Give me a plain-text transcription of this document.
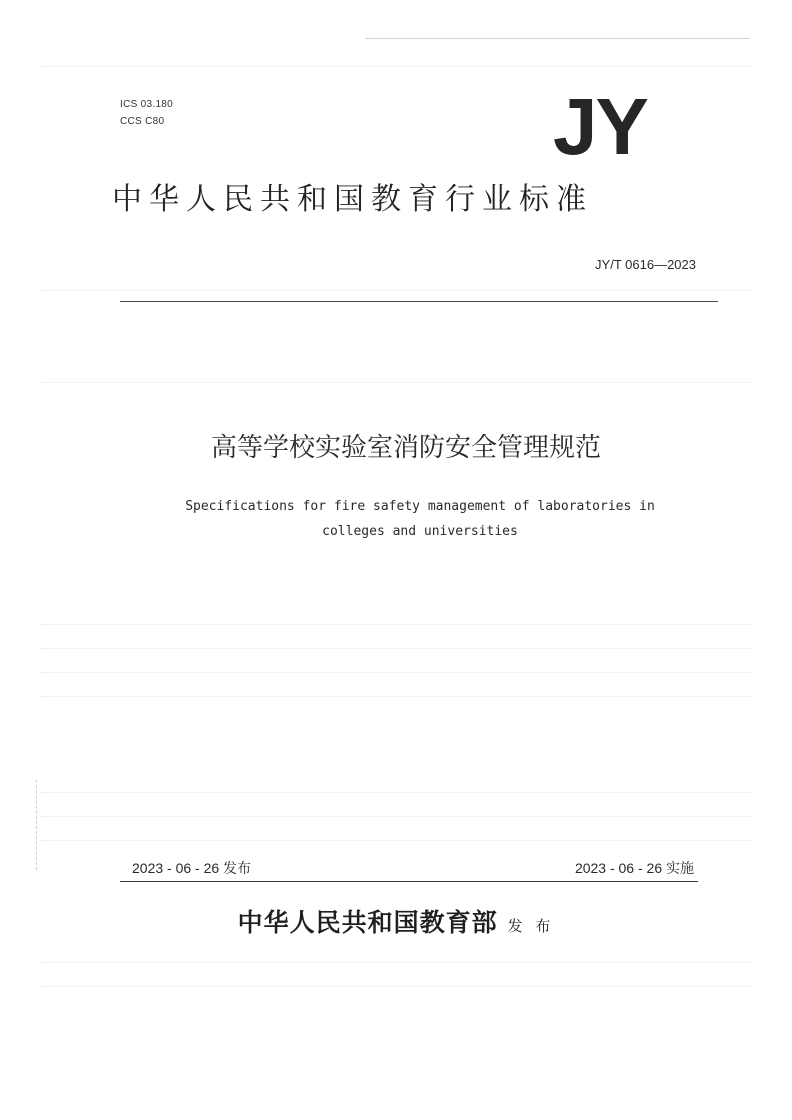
ICS 03.180
CCS C80	JY
中华人民共和国教育行业标准
JY/T 0616—2023
高等学校实验室消防安全管理规范
Specifications for fire safety management of laboratories in
colleges and universities
2023 - 06 - 26 发布	2023 - 06 - 26 实施
中华人民共和国教育部 发 布
